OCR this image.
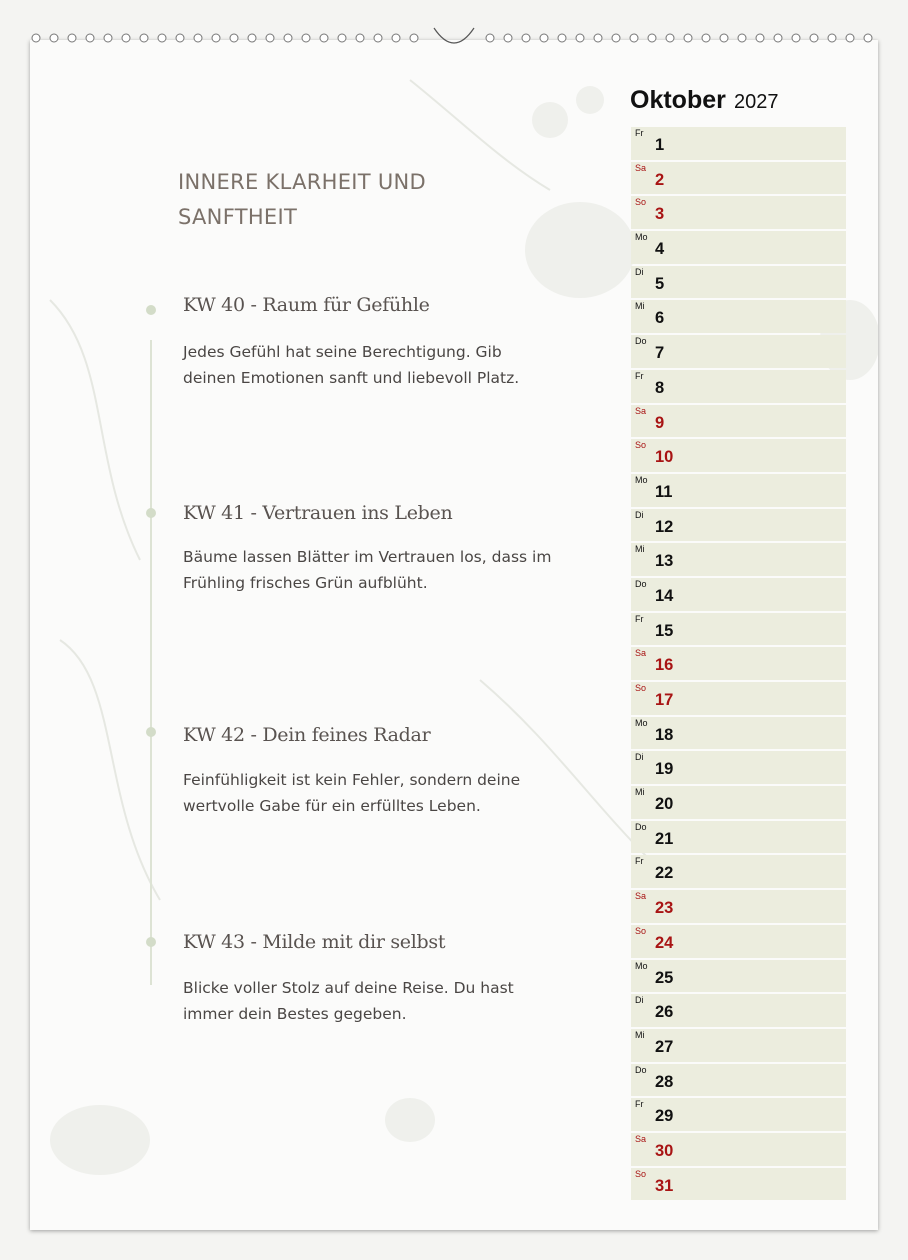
INNERE KLARHEIT UND SANFTHEIT
KW 40 - Raum für Gefühle
Jedes Gefühl hat seine Berechtigung. Gib deinen Emotionen sanft und liebevoll Platz.
KW 41 - Vertrauen ins Leben
Bäume lassen Blätter im Vertrauen los, dass im Frühling frisches Grün aufblüht.
KW 42 - Dein feines Radar
Feinfühligkeit ist kein Fehler, sondern deine wertvolle Gabe für ein erfülltes Leben.
KW 43 - Milde mit dir selbst
Blicke voller Stolz auf deine Reise. Du hast immer dein Bestes gegeben.
Oktober 2027
Fr
1
Sa
2
So
3
Mo
4
Di
5
Mi
6
Do
7
Fr
8
Sa
9
So
10
Mo
11
Di
12
Mi
13
Do
14
Fr
15
Sa
16
So
17
Mo
18
Di
19
Mi
20
Do
21
Fr
22
Sa
23
So
24
Mo
25
Di
26
Mi
27
Do
28
Fr
29
Sa
30
So
31
